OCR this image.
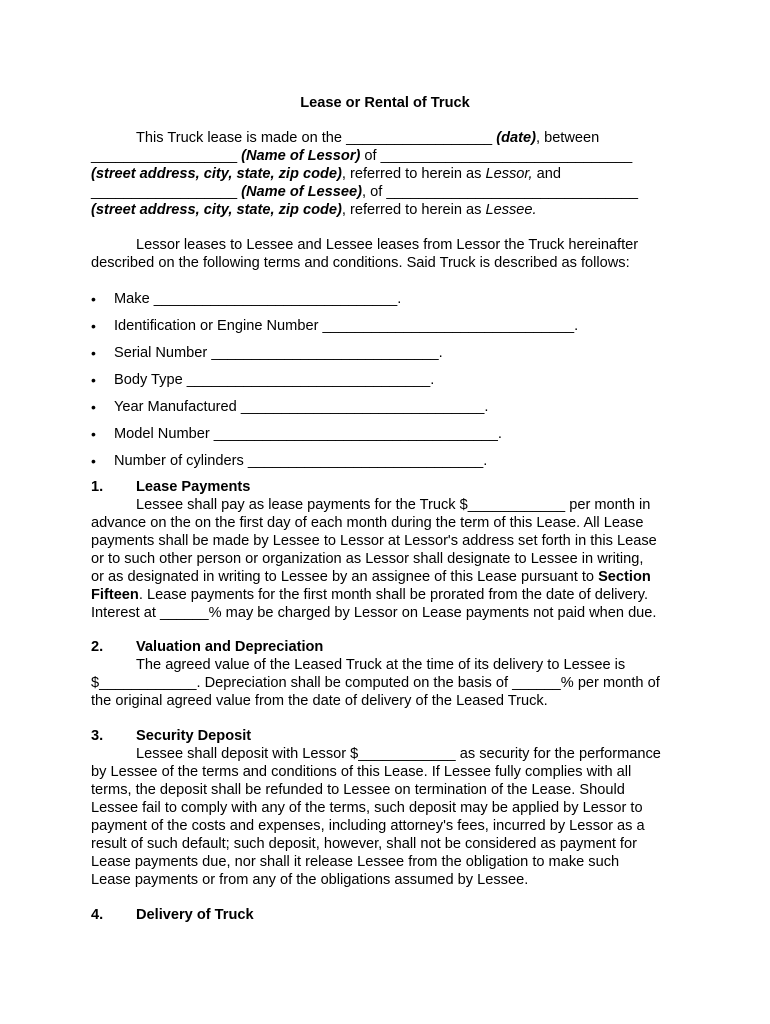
Lease or Rental of Truck
This Truck lease is made on the __________________ (date), between
__________________ (Name of Lessor) of _______________________________
(street address, city, state, zip code), referred to herein as Lessor, and
__________________ (Name of Lessee), of _______________________________
(street address, city, state, zip code), referred to herein as Lessee.
Lessor leases to Lessee and Lessee leases from Lessor the Truck hereinafter
described on the following terms and conditions. Said Truck is described as follows:
• Make ______________________________.
• Identification or Engine Number _______________________________.
• Serial Number ____________________________.
• Body Type ______________________________.
• Year Manufactured ______________________________.
• Model Number ___________________________________.
• Number of cylinders _____________________________.
1. Lease Payments
Lessee shall pay as lease payments for the Truck $____________ per month in
advance on the on the first day of each month during the term of this Lease. All Lease
payments shall be made by Lessee to Lessor at Lessor's address set forth in this Lease
or to such other person or organization as Lessor shall designate to Lessee in writing,
or as designated in writing to Lessee by an assignee of this Lease pursuant to Section
Fifteen. Lease payments for the first month shall be prorated from the date of delivery.
Interest at ______% may be charged by Lessor on Lease payments not paid when due.
2. Valuation and Depreciation
The agreed value of the Leased Truck at the time of its delivery to Lessee is
$____________. Depreciation shall be computed on the basis of ______% per month of
the original agreed value from the date of delivery of the Leased Truck.
3. Security Deposit
Lessee shall deposit with Lessor $____________ as security for the performance
by Lessee of the terms and conditions of this Lease. If Lessee fully complies with all
terms, the deposit shall be refunded to Lessee on termination of the Lease. Should
Lessee fail to comply with any of the terms, such deposit may be applied by Lessor to
payment of the costs and expenses, including attorney's fees, incurred by Lessor as a
result of such default; such deposit, however, shall not be considered as payment for
Lease payments due, nor shall it release Lessee from the obligation to make such
Lease payments or from any of the obligations assumed by Lessee.
4. Delivery of Truck
